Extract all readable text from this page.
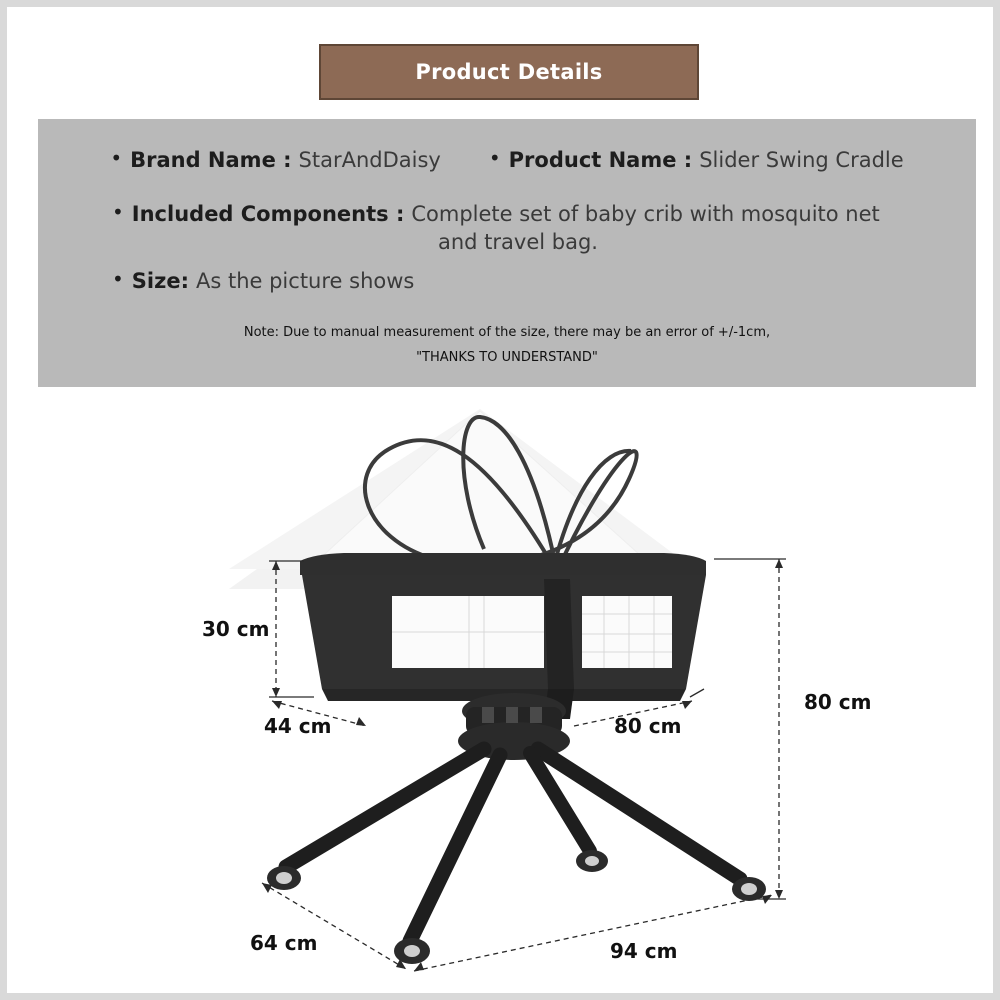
Product Details
• Brand Name : StarAndDaisy • Product Name : Slider Swing Cradle
• Included Components : Complete set of baby crib with mosquito net
and travel bag.
• Size: As the picture shows
Note: Due to manual measurement of the size, there may be an error of +/-1cm,
"THANKS TO UNDERSTAND"
30 cm
44 cm	80 cm
80 cm
64 cm	94 cm
